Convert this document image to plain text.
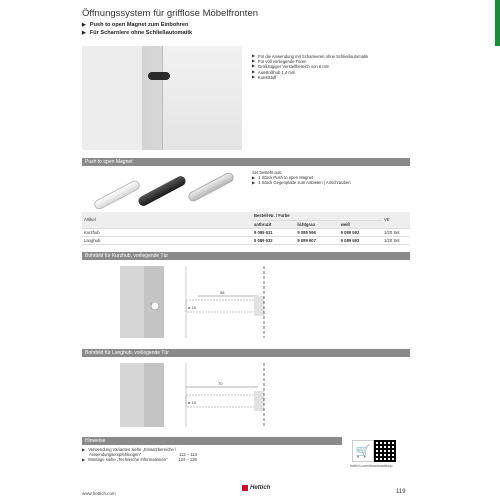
Öffnungssystem für grifflose Möbelfronten
▶ Push to open Magnet zum Einbohren
▶ Für Scharniere ohne Schließautomatik
▶ Für die Anwendung mit Scharnieren ohne Schließautomatik
▶ Für voll vorliegende Türen
▶ Großzügiger Verstellbereich von 6 mm
▶ Ausstoßhub 1,4 mm
▶ Kunststoff
Push to open Magnet
Set besteht aus:
▶ 1 Stück Push to open Magnet
▶ 1 Stück Gegenplatte zum Anbieten | Anschrauben
Artikel	Bestell-Nr. / Farbe			VE
	anthrazit	lichtgrau	weiß	
Kurzhub	9 089 631	9 089 596	9 089 592	1/20 Set
Langhub	9 089 632	9 089 607	9 089 593	1/20 Set
Bohrbild für Kurzhub, vorliegende Tür
58
ø 10
Bohrbild für Langhub, vorliegende Tür
70
ø 10
Hinweise
▶ Verwendung Varianten siehe „Einsatzbereiche /
Anwendungsempfehlungen"	112 – 113
▶ Montage siehe „Technische Informationen"	124 – 126
🛒
hettich.com/downloadshop
www.hettich.com
Hettich
119
